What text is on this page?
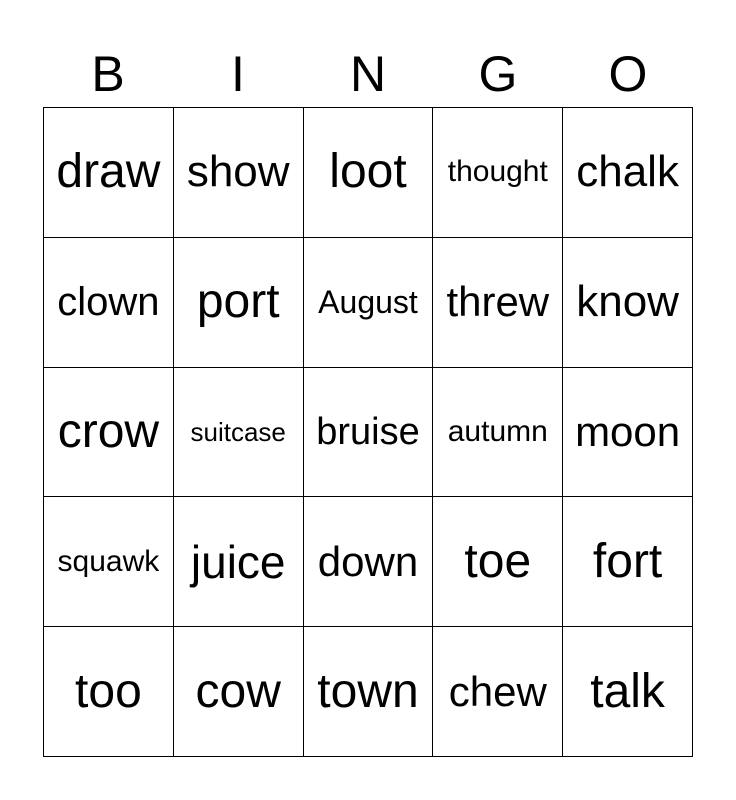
B	I	N	G	O
draw show loot thought chalk
clown port August threw know
crow suitcase bruise autumn moon
squawk juice down toe fort
too cow town chew talk
